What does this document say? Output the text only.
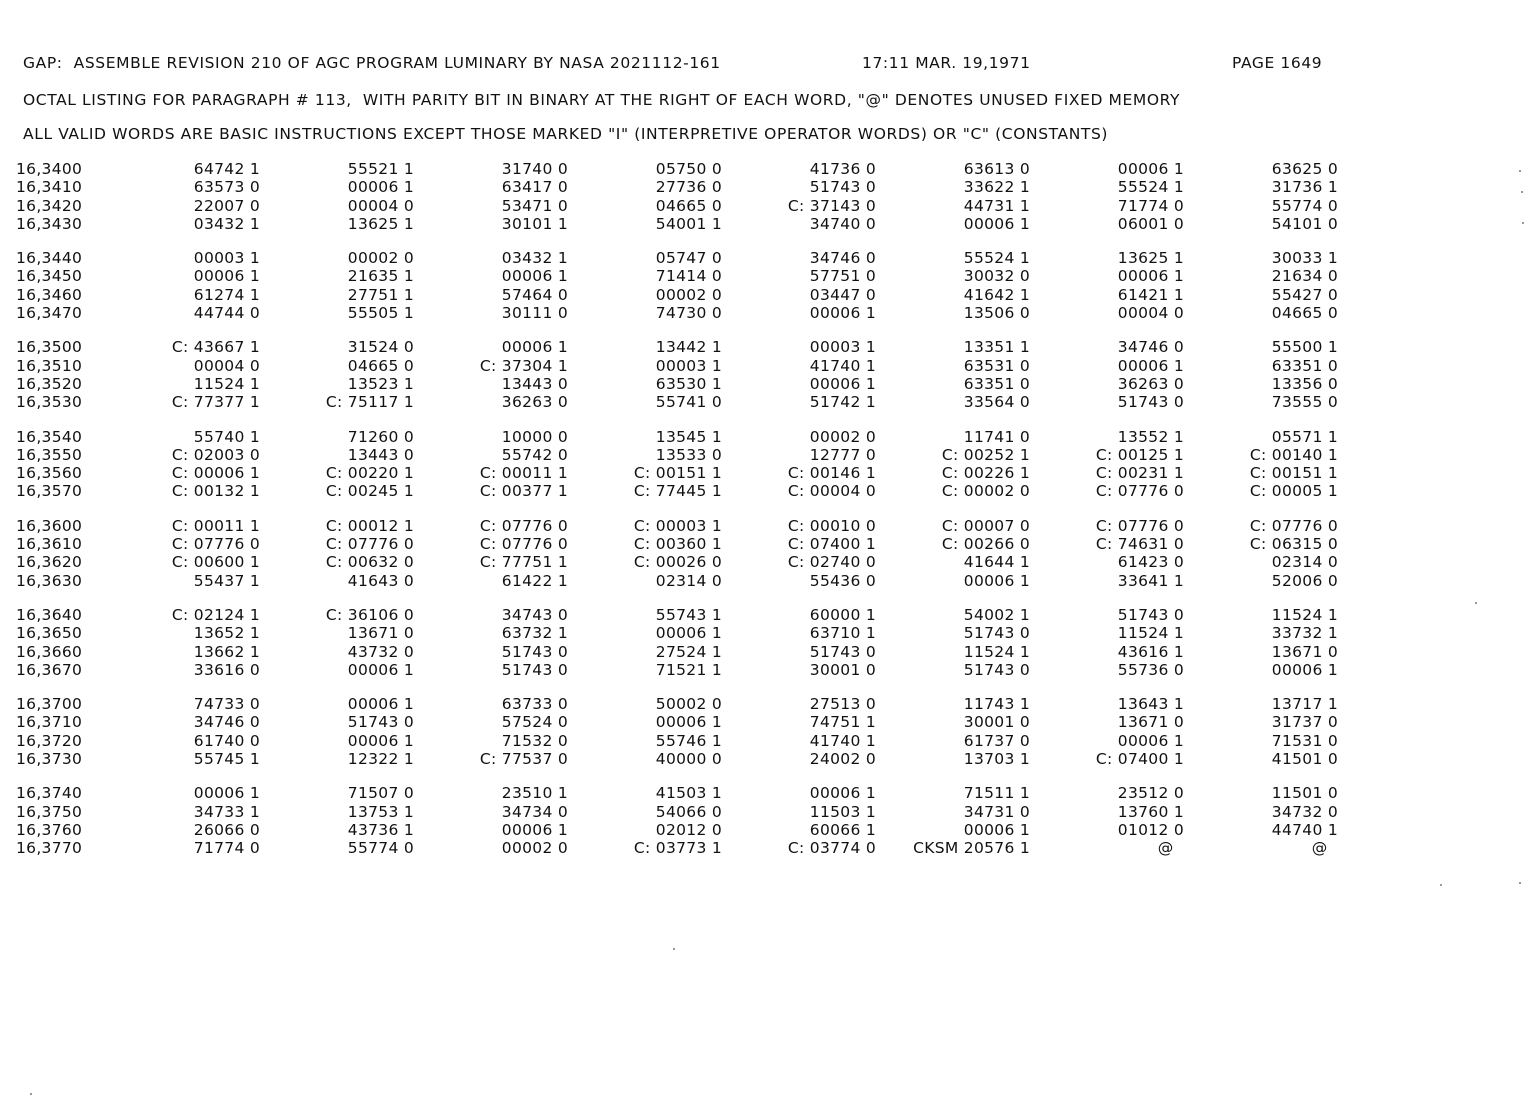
GAP:  ASSEMBLE REVISION 210 OF AGC PROGRAM LUMINARY BY NASA 2021112-161	17:11 MAR. 19,1971	PAGE 1649
OCTAL LISTING FOR PARAGRAPH # 113,  WITH PARITY BIT IN BINARY AT THE RIGHT OF EACH WORD, "@" DENOTES UNUSED FIXED MEMORY
ALL VALID WORDS ARE BASIC INSTRUCTIONS EXCEPT THOSE MARKED "I" (INTERPRETIVE OPERATOR WORDS) OR "C" (CONSTANTS)
16,3400	64742 1	55521 1	31740 0	05750 0	41736 0	63613 0	00006 1	63625 0
16,3410	63573 0	00006 1	63417 0	27736 0	51743 0	33622 1	55524 1	31736 1
16,3420	22007 0	00004 0	53471 0	04665 0	C: 37143 0	44731 1	71774 0	55774 0
16,3430	03432 1	13625 1	30101 1	54001 1	34740 0	00006 1	06001 0	54101 0
16,3440	00003 1	00002 0	03432 1	05747 0	34746 0	55524 1	13625 1	30033 1
16,3450	00006 1	21635 1	00006 1	71414 0	57751 0	30032 0	00006 1	21634 0
16,3460	61274 1	27751 1	57464 0	00002 0	03447 0	41642 1	61421 1	55427 0
16,3470	44744 0	55505 1	30111 0	74730 0	00006 1	13506 0	00004 0	04665 0
16,3500	C: 43667 1	31524 0	00006 1	13442 1	00003 1	13351 1	34746 0	55500 1
16,3510	00004 0	04665 0	C: 37304 1	00003 1	41740 1	63531 0	00006 1	63351 0
16,3520	11524 1	13523 1	13443 0	63530 1	00006 1	63351 0	36263 0	13356 0
16,3530	C: 77377 1	C: 75117 1	36263 0	55741 0	51742 1	33564 0	51743 0	73555 0
16,3540	55740 1	71260 0	10000 0	13545 1	00002 0	11741 0	13552 1	05571 1
16,3550	C: 02003 0	13443 0	55742 0	13533 0	12777 0	C: 00252 1	C: 00125 1	C: 00140 1
16,3560	C: 00006 1	C: 00220 1	C: 00011 1	C: 00151 1	C: 00146 1	C: 00226 1	C: 00231 1	C: 00151 1
16,3570	C: 00132 1	C: 00245 1	C: 00377 1	C: 77445 1	C: 00004 0	C: 00002 0	C: 07776 0	C: 00005 1
16,3600	C: 00011 1	C: 00012 1	C: 07776 0	C: 00003 1	C: 00010 0	C: 00007 0	C: 07776 0	C: 07776 0
16,3610	C: 07776 0	C: 07776 0	C: 07776 0	C: 00360 1	C: 07400 1	C: 00266 0	C: 74631 0	C: 06315 0
16,3620	C: 00600 1	C: 00632 0	C: 77751 1	C: 00026 0	C: 02740 0	41644 1	61423 0	02314 0
16,3630	55437 1	41643 0	61422 1	02314 0	55436 0	00006 1	33641 1	52006 0
16,3640	C: 02124 1	C: 36106 0	34743 0	55743 1	60000 1	54002 1	51743 0	11524 1
16,3650	13652 1	13671 0	63732 1	00006 1	63710 1	51743 0	11524 1	33732 1
16,3660	13662 1	43732 0	51743 0	27524 1	51743 0	11524 1	43616 1	13671 0
16,3670	33616 0	00006 1	51743 0	71521 1	30001 0	51743 0	55736 0	00006 1
16,3700	74733 0	00006 1	63733 0	50002 0	27513 0	11743 1	13643 1	13717 1
16,3710	34746 0	51743 0	57524 0	00006 1	74751 1	30001 0	13671 0	31737 0
16,3720	61740 0	00006 1	71532 0	55746 1	41740 1	61737 0	00006 1	71531 0
16,3730	55745 1	12322 1	C: 77537 0	40000 0	24002 0	13703 1	C: 07400 1	41501 0
16,3740	00006 1	71507 0	23510 1	41503 1	00006 1	71511 1	23512 0	11501 0
16,3750	34733 1	13753 1	34734 0	54066 0	11503 1	34731 0	13760 1	34732 0
16,3760	26066 0	43736 1	00006 1	02012 0	60066 1	00006 1	01012 0	44740 1
16,3770	71774 0	55774 0	00002 0	C: 03773 1	C: 03774 0	CKSM 20576 1	@	@
